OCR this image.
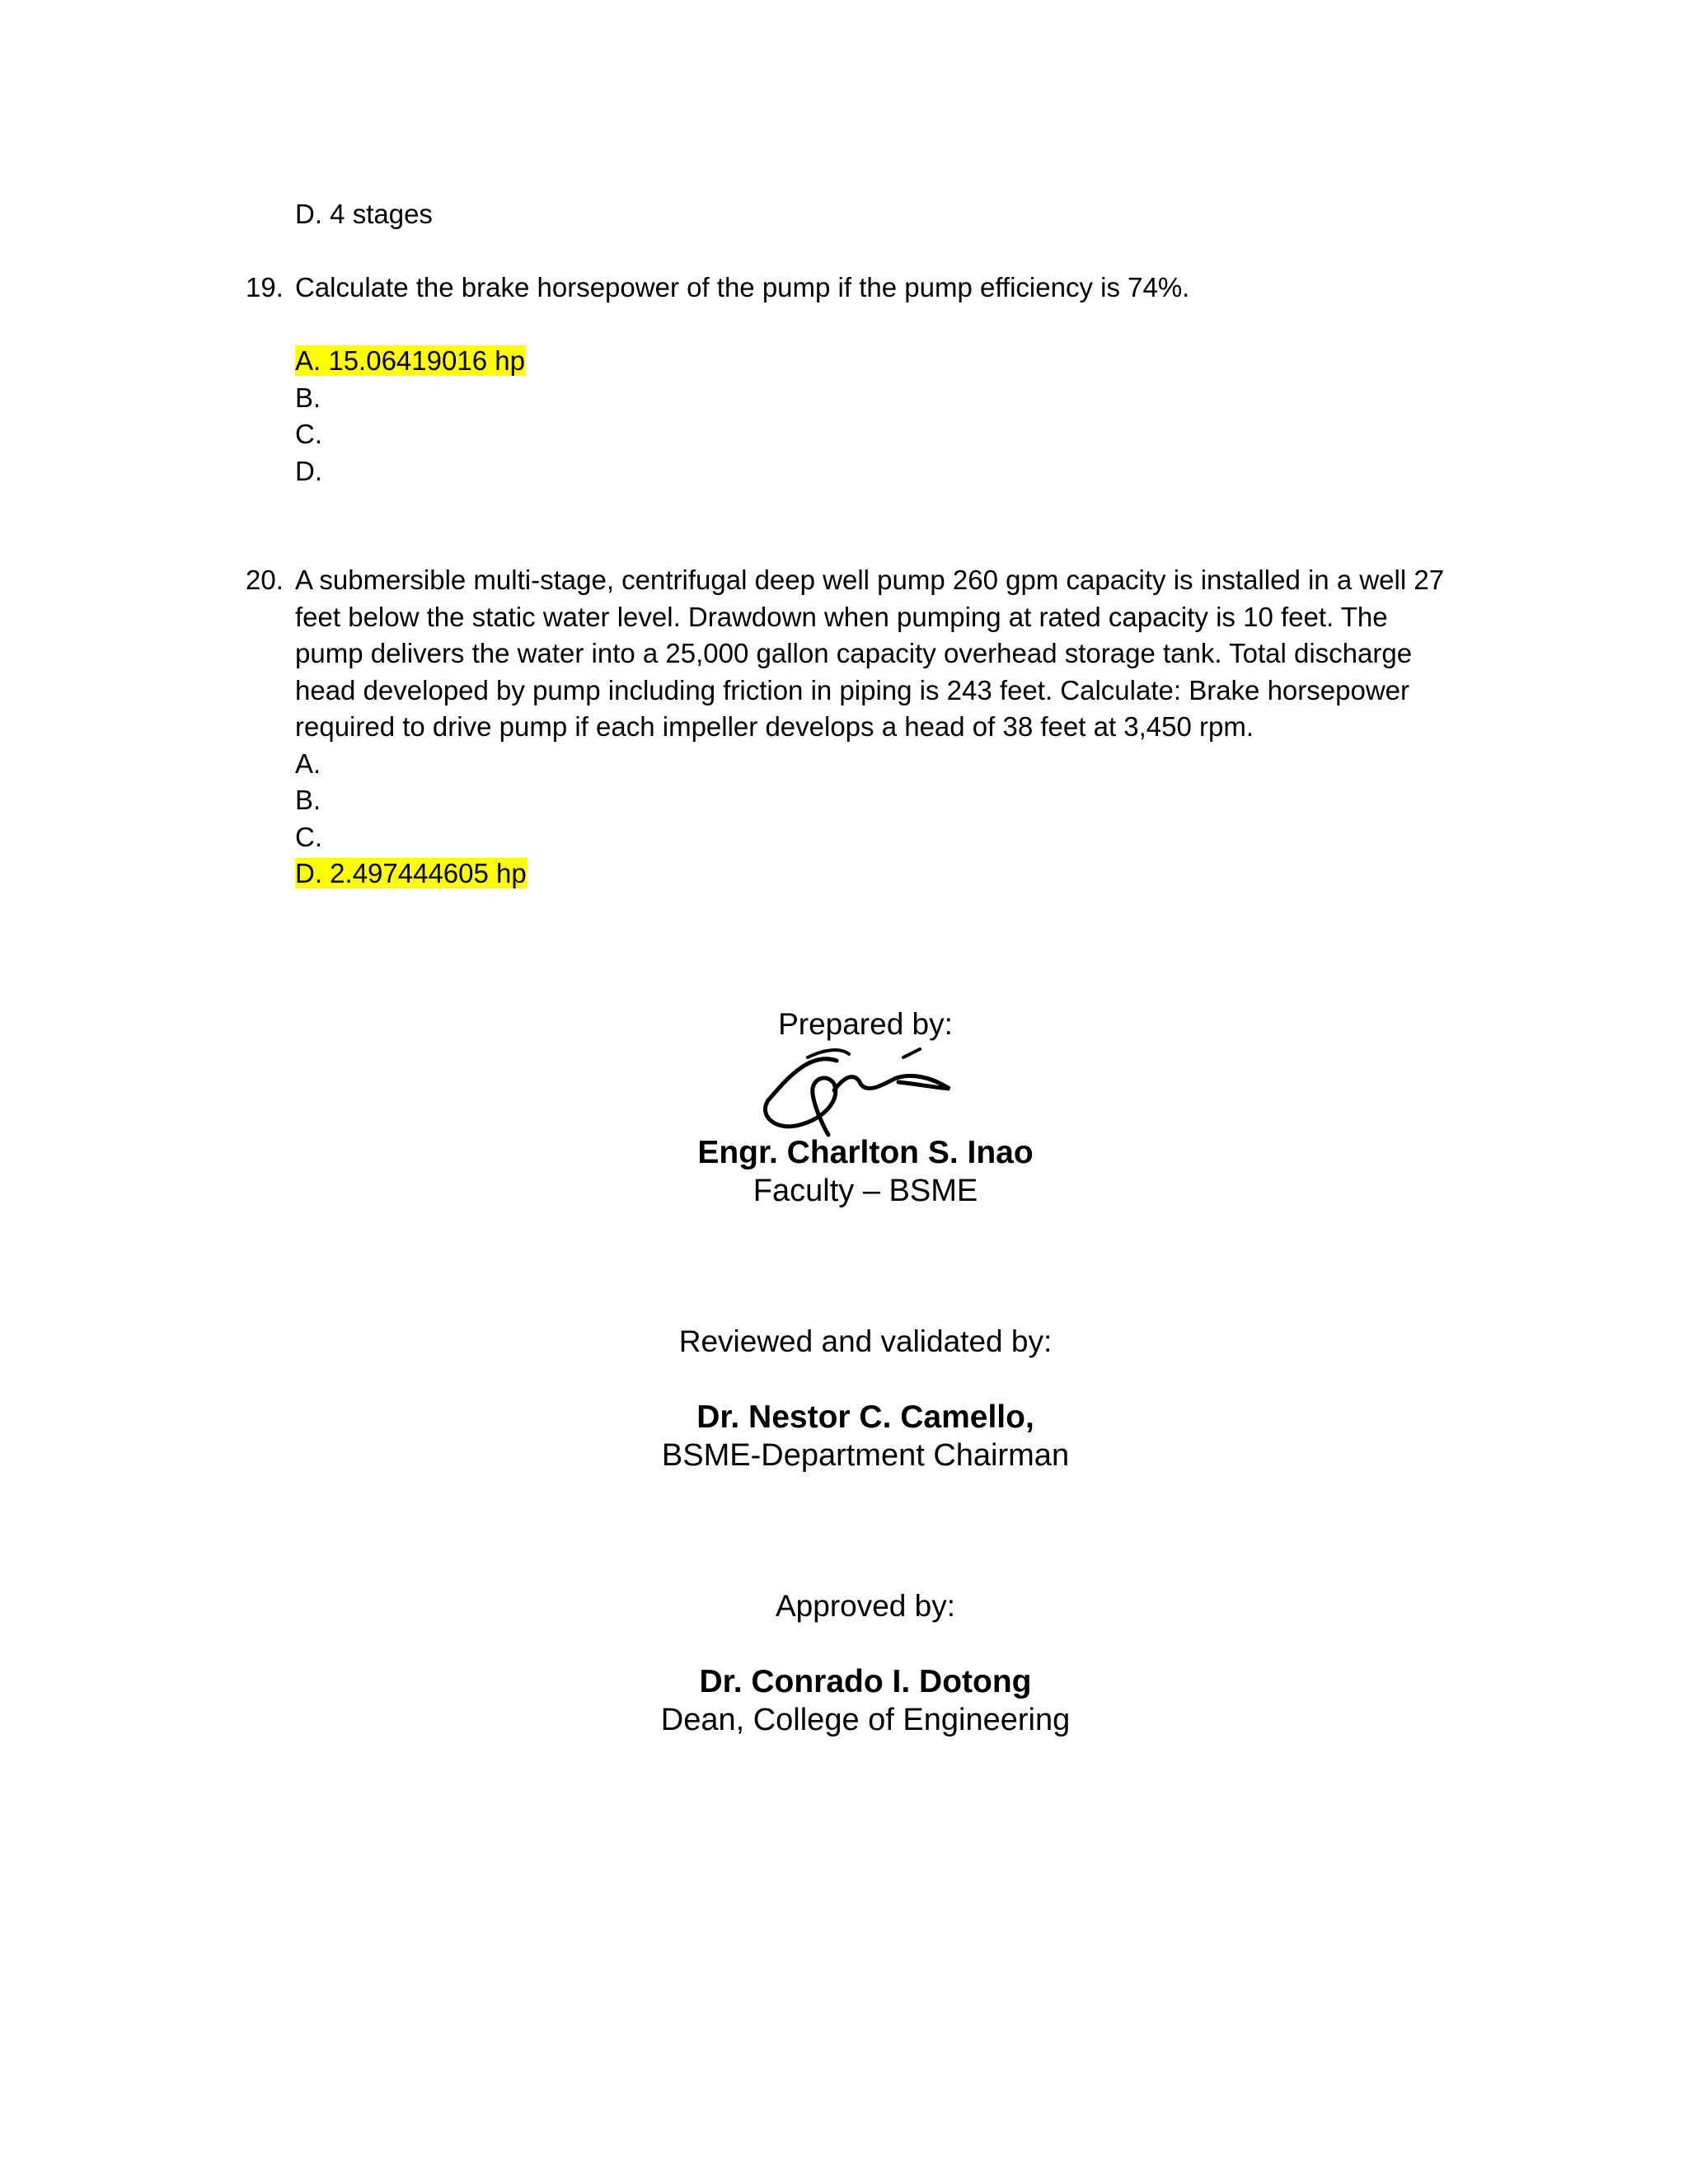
D. 4 stages
19. Calculate the brake horsepower of the pump if the pump efficiency is 74%.
A. 15.06419016 hp
B.
C.
D.
20. A submersible multi-stage, centrifugal deep well pump 260 gpm capacity is installed in a well 27
feet below the static water level. Drawdown when pumping at rated capacity is 10 feet. The
pump delivers the water into a 25,000 gallon capacity overhead storage tank. Total discharge
head developed by pump including friction in piping is 243 feet. Calculate: Brake horsepower
required to drive pump if each impeller develops a head of 38 feet at 3,450 rpm.
A.
B.
C.
D. 2.497444605 hp
Prepared by:
Engr. Charlton S. Inao
Faculty – BSME
Reviewed and validated by:
Dr. Nestor C. Camello,
BSME-Department Chairman
Approved by:
Dr. Conrado I. Dotong
Dean, College of Engineering
